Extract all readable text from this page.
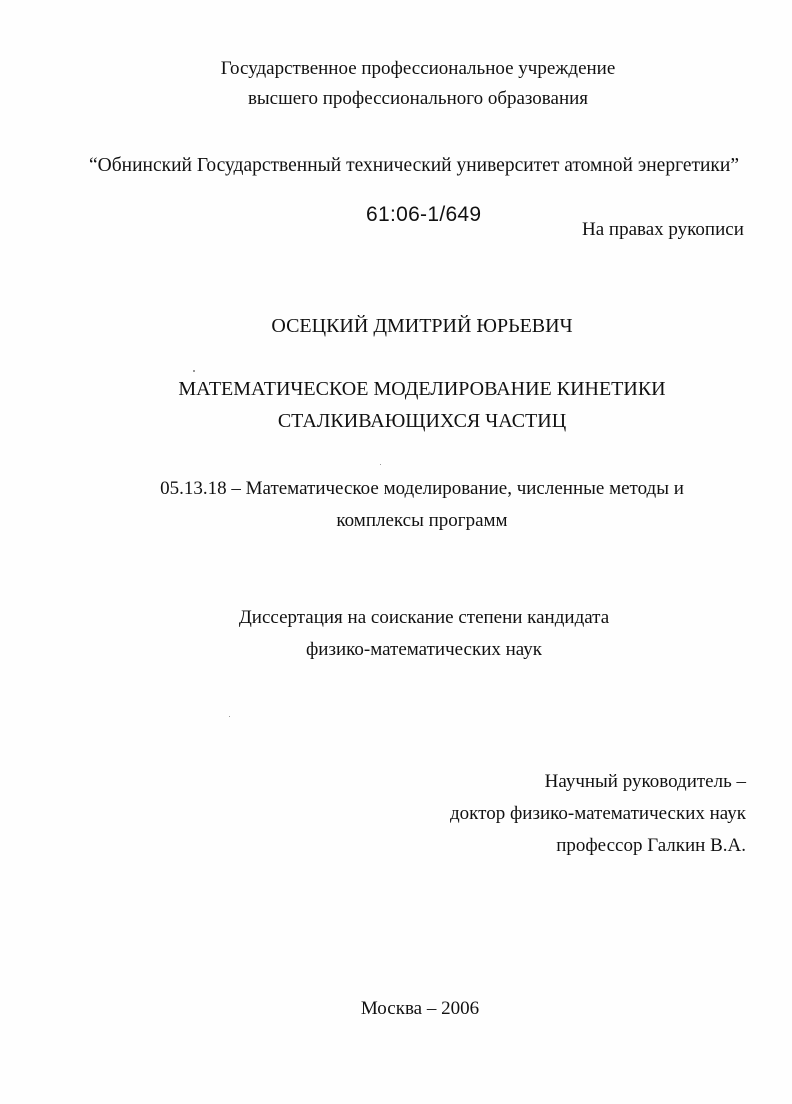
Государственное профессиональное учреждение
высшего профессионального образования
“Обнинский Государственный технический университет атомной энергетики”
61:06-1/649
На правах рукописи
ОСЕЦКИЙ ДМИТРИЙ ЮРЬЕВИЧ
МАТЕМАТИЧЕСКОЕ МОДЕЛИРОВАНИЕ КИНЕТИКИ
СТАЛКИВАЮЩИХСЯ ЧАСТИЦ
05.13.18 – Математическое моделирование, численные методы и
комплексы программ
Диссертация на соискание степени кандидата
физико-математических наук
Научный руководитель –
доктор физико-математических наук
профессор Галкин В.А.
Москва – 2006
